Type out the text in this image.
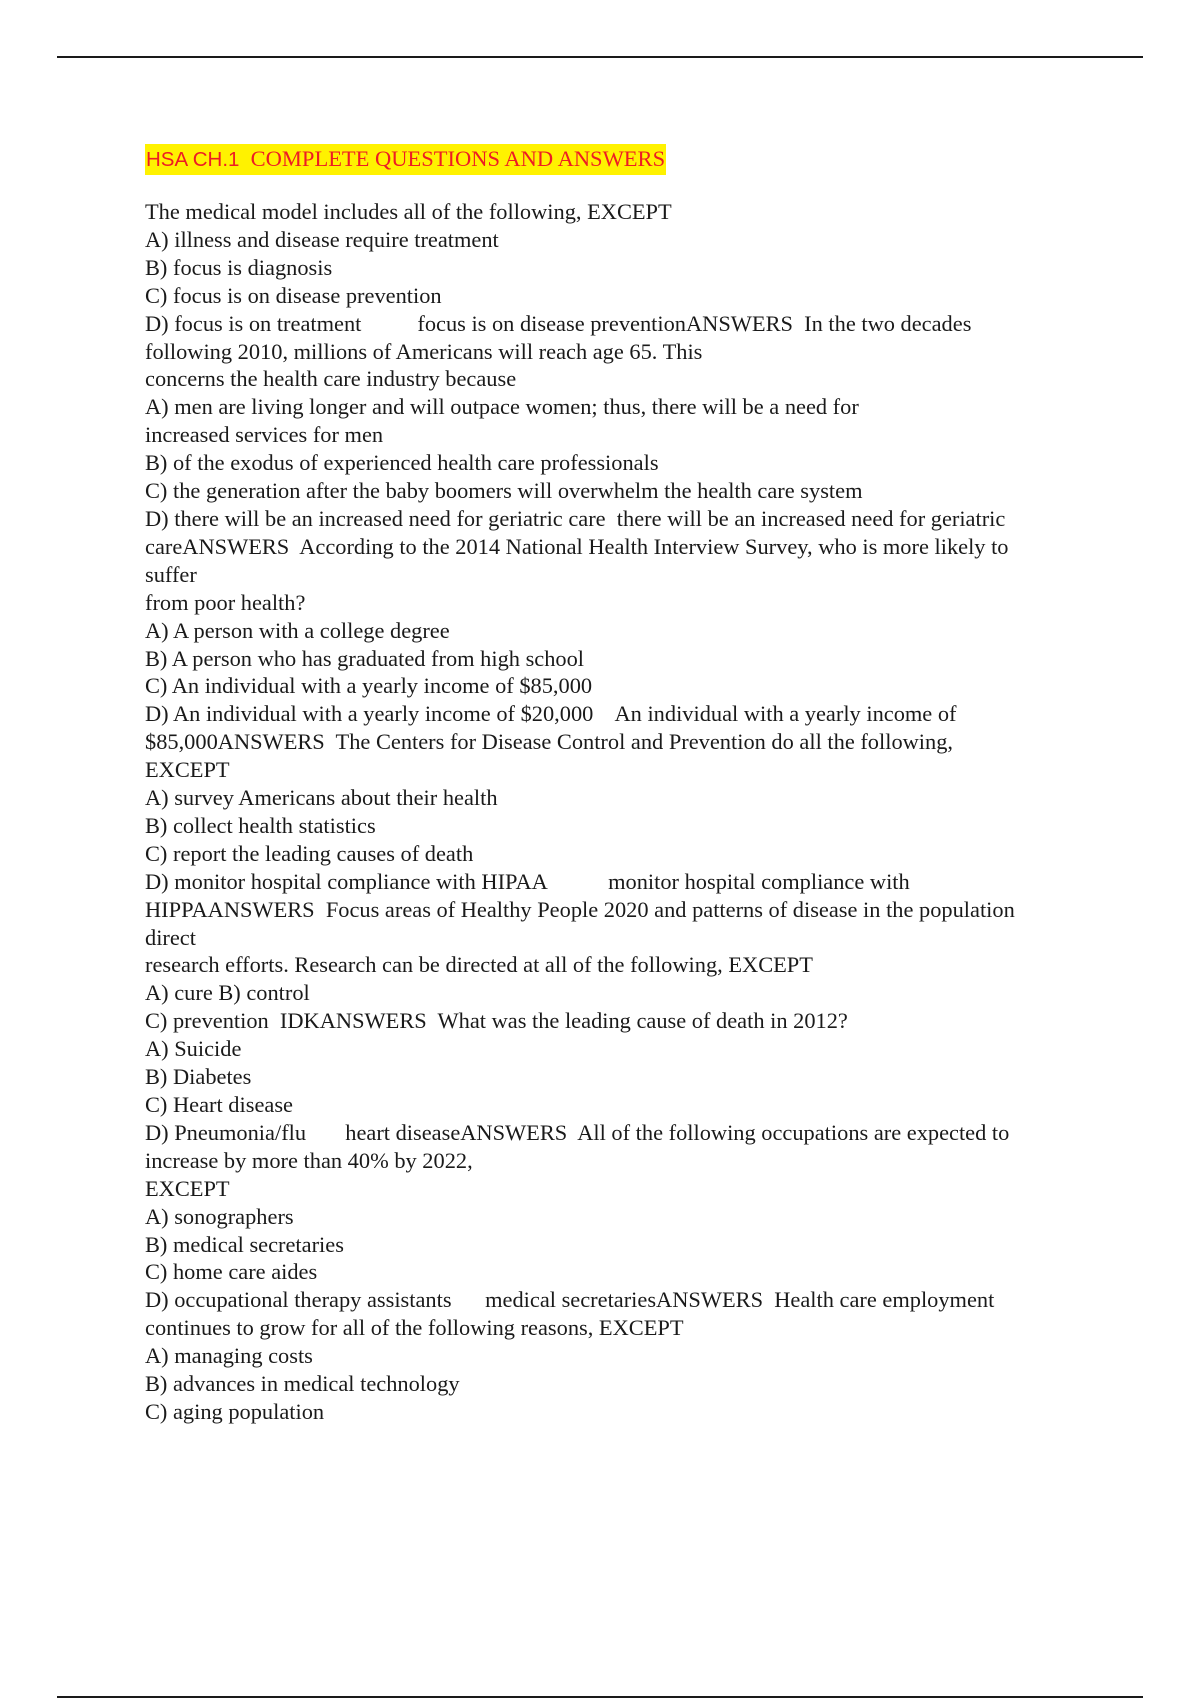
HSA CH.1 COMPLETE QUESTIONS AND ANSWERS
The medical model includes all of the following, EXCEPT
A) illness and disease require treatment
B) focus is diagnosis
C) focus is on disease prevention
D) focus is on treatment          focus is on disease preventionANSWERS  In the two decades
following 2010, millions of Americans will reach age 65. This
concerns the health care industry because
A) men are living longer and will outpace women; thus, there will be a need for
increased services for men
B) of the exodus of experienced health care professionals
C) the generation after the baby boomers will overwhelm the health care system
D) there will be an increased need for geriatric care  there will be an increased need for geriatric
careANSWERS  According to the 2014 National Health Interview Survey, who is more likely to
suffer
from poor health?
A) A person with a college degree
B) A person who has graduated from high school
C) An individual with a yearly income of $85,000
D) An individual with a yearly income of $20,000    An individual with a yearly income of
$85,000ANSWERS  The Centers for Disease Control and Prevention do all the following,
EXCEPT
A) survey Americans about their health
B) collect health statistics
C) report the leading causes of death
D) monitor hospital compliance with HIPAA           monitor hospital compliance with
HIPPAANSWERS  Focus areas of Healthy People 2020 and patterns of disease in the population
direct
research efforts. Research can be directed at all of the following, EXCEPT
A) cure B) control
C) prevention  IDKANSWERS  What was the leading cause of death in 2012?
A) Suicide
B) Diabetes
C) Heart disease
D) Pneumonia/flu       heart diseaseANSWERS  All of the following occupations are expected to
increase by more than 40% by 2022,
EXCEPT
A) sonographers
B) medical secretaries
C) home care aides
D) occupational therapy assistants      medical secretariesANSWERS  Health care employment
continues to grow for all of the following reasons, EXCEPT
A) managing costs
B) advances in medical technology
C) aging population
